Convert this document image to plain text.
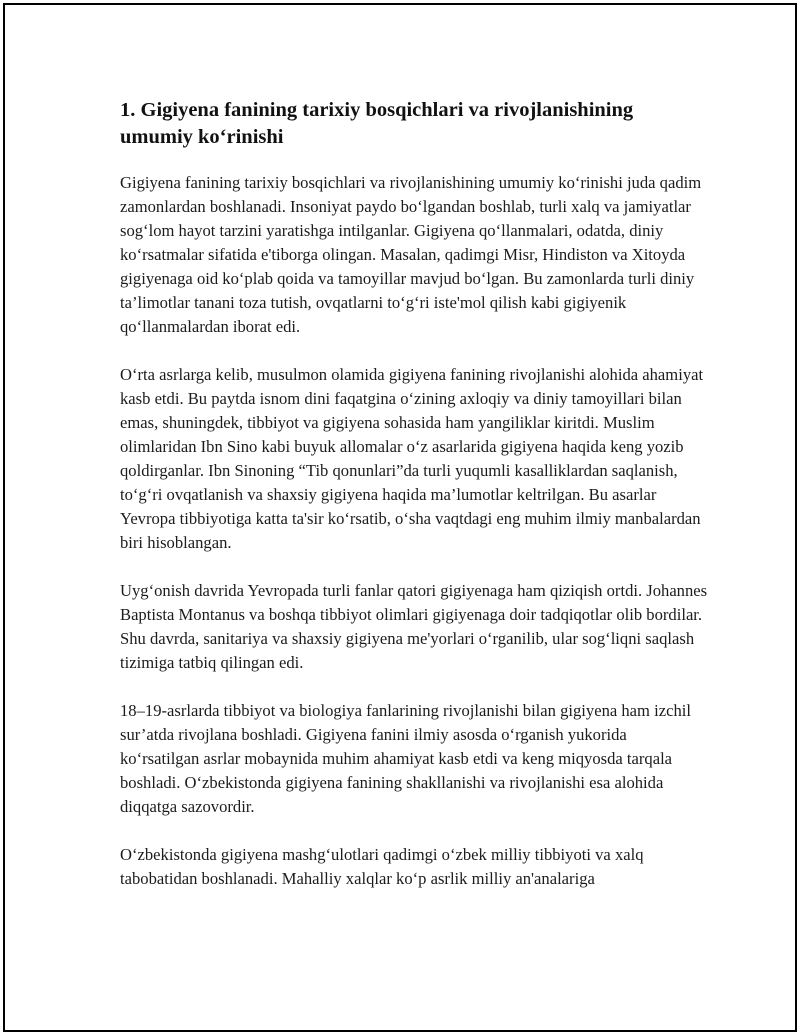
1. Gigiyena fanining tarixiy bosqichlari va rivojlanishining umumiy ko‘rinishi

Gigiyena fanining tarixiy bosqichlari va rivojlanishining umumiy ko‘rinishi juda qadim zamonlardan boshlanadi. Insoniyat paydo bo‘lgandan boshlab, turli xalq va jamiyatlar sog‘lom hayot tarzini yaratishga intilganlar. Gigiyena qo‘llanmalari, odatda, diniy ko‘rsatmalar sifatida e'tiborga olingan. Masalan, qadimgi Misr, Hindiston va Xitoyda gigiyenaga oid ko‘plab qoida va tamoyillar mavjud bo‘lgan. Bu zamonlarda turli diniy ta’limotlar tanani toza tutish, ovqatlarni to‘g‘ri iste'mol qilish kabi gigiyenik qo‘llanmalardan iborat edi.

O‘rta asrlarga kelib, musulmon olamida gigiyena fanining rivojlanishi alohida ahamiyat kasb etdi. Bu paytda isnom dini faqatgina o‘zining axloqiy va diniy tamoyillari bilan emas, shuningdek, tibbiyot va gigiyena sohasida ham yangiliklar kiritdi. Muslim olimlaridan Ibn Sino kabi buyuk allomalar o‘z asarlarida gigiyena haqida keng yozib qoldirganlar. Ibn Sinoning “Tib qonunlari”da turli yuqumli kasalliklardan saqlanish, to‘g‘ri ovqatlanish va shaxsiy gigiyena haqida ma’lumotlar keltrilgan. Bu asarlar Yevropa tibbiyotiga katta ta'sir ko‘rsatib, o‘sha vaqtdagi eng muhim ilmiy manbalardan biri hisoblangan.

Uyg‘onish davrida Yevropada turli fanlar qatori gigiyenaga ham qiziqish ortdi. Johannes Baptista Montanus va boshqa tibbiyot olimlari gigiyenaga doir tadqiqotlar olib bordilar. Shu davrda, sanitariya va shaxsiy gigiyena me'yorlari o‘rganilib, ular sog‘liqni saqlash tizimiga tatbiq qilingan edi.

18–19-asrlarda tibbiyot va biologiya fanlarining rivojlanishi bilan gigiyena ham izchil sur’atda rivojlana boshladi. Gigiyena fanini ilmiy asosda o‘rganish yukorida ko‘rsatilgan asrlar mobaynida muhim ahamiyat kasb etdi va keng miqyosda tarqala boshladi. O‘zbekistonda gigiyena fanining shakllanishi va rivojlanishi esa alohida diqqatga sazovordir.

O‘zbekistonda gigiyena mashg‘ulotlari qadimgi o‘zbek milliy tibbiyoti va xalq tabobatidan boshlanadi. Mahalliy xalqlar ko‘p asrlik milliy an'analariga
